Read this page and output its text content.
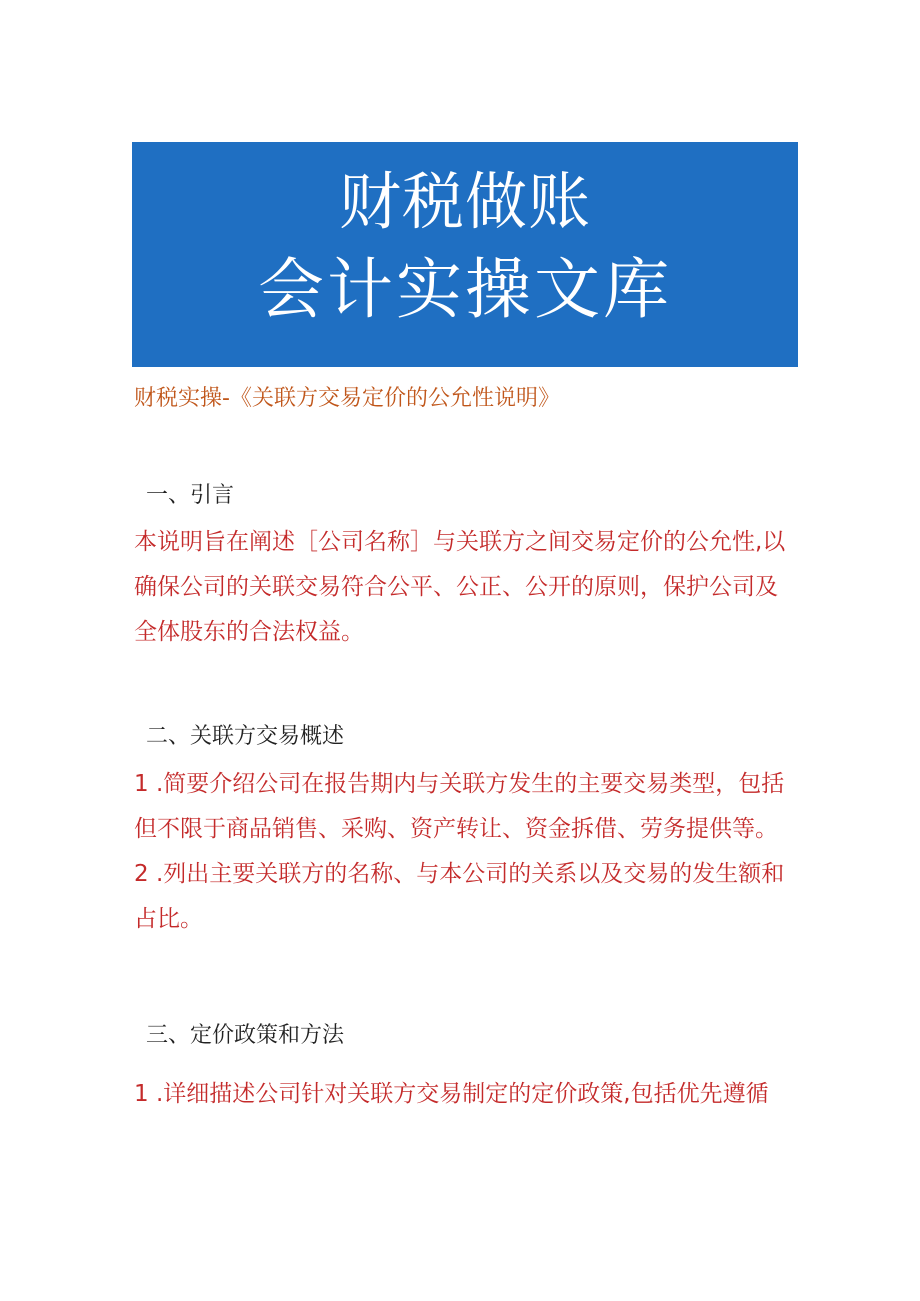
财税做账
会计实操文库
财税实操-《关联方交易定价的公允性说明》
一、引言

本说明旨在阐述［公司名称］与关联方之间交易定价的公允性,以

确保公司的关联交易符合公平、公正、公开的原则，保护公司及

全体股东的合法权益。

二、关联方交易概述

1 .简要介绍公司在报告期内与关联方发生的主要交易类型，包括

但不限于商品销售、采购、资产转让、资金拆借、劳务提供等。

2 .列出主要关联方的名称、与本公司的关系以及交易的发生额和

占比。

三、定价政策和方法

1 .详细描述公司针对关联方交易制定的定价政策,包括优先遵循
